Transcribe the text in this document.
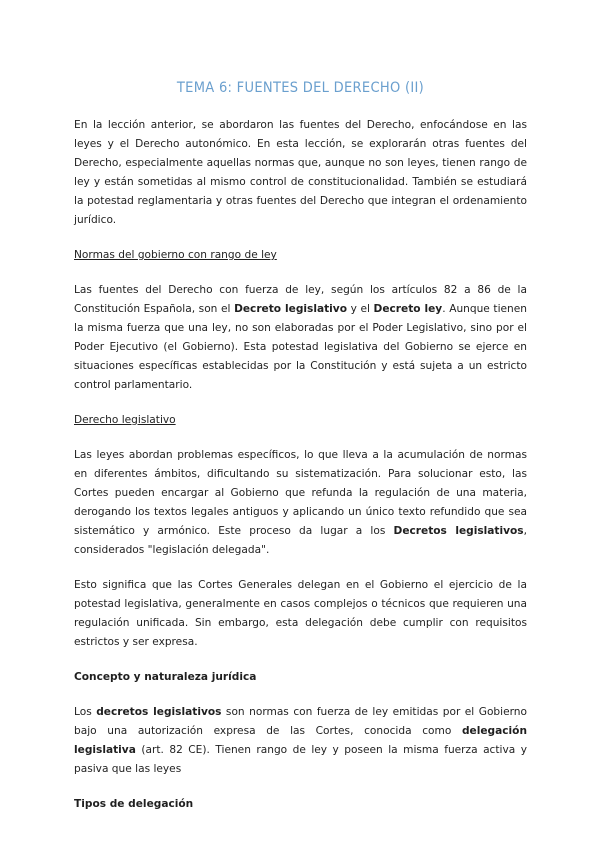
TEMA 6: FUENTES DEL DERECHO (II)

En la lección anterior, se abordaron las fuentes del Derecho, enfocándose en las leyes y el Derecho autonómico. En esta lección, se explorarán otras fuentes del Derecho, especialmente aquellas normas que, aunque no son leyes, tienen rango de ley y están sometidas al mismo control de constitucionalidad. También se estudiará la potestad reglamentaria y otras fuentes del Derecho que integran el ordenamiento jurídico.

Normas del gobierno con rango de ley

Las fuentes del Derecho con fuerza de ley, según los artículos 82 a 86 de la Constitución Española, son el Decreto legislativo y el Decreto ley. Aunque tienen la misma fuerza que una ley, no son elaboradas por el Poder Legislativo, sino por el Poder Ejecutivo (el Gobierno). Esta potestad legislativa del Gobierno se ejerce en situaciones específicas establecidas por la Constitución y está sujeta a un estricto control parlamentario.

Derecho legislativo

Las leyes abordan problemas específicos, lo que lleva a la acumulación de normas en diferentes ámbitos, dificultando su sistematización. Para solucionar esto, las Cortes pueden encargar al Gobierno que refunda la regulación de una materia, derogando los textos legales antiguos y aplicando un único texto refundido que sea sistemático y armónico. Este proceso da lugar a los Decretos legislativos, considerados "legislación delegada".

Esto significa que las Cortes Generales delegan en el Gobierno el ejercicio de la potestad legislativa, generalmente en casos complejos o técnicos que requieren una regulación unificada. Sin embargo, esta delegación debe cumplir con requisitos estrictos y ser expresa.

Concepto y naturaleza jurídica

Los decretos legislativos son normas con fuerza de ley emitidas por el Gobierno bajo una autorización expresa de las Cortes, conocida como delegación legislativa (art. 82 CE). Tienen rango de ley y poseen la misma fuerza activa y pasiva que las leyes

Tipos de delegación
